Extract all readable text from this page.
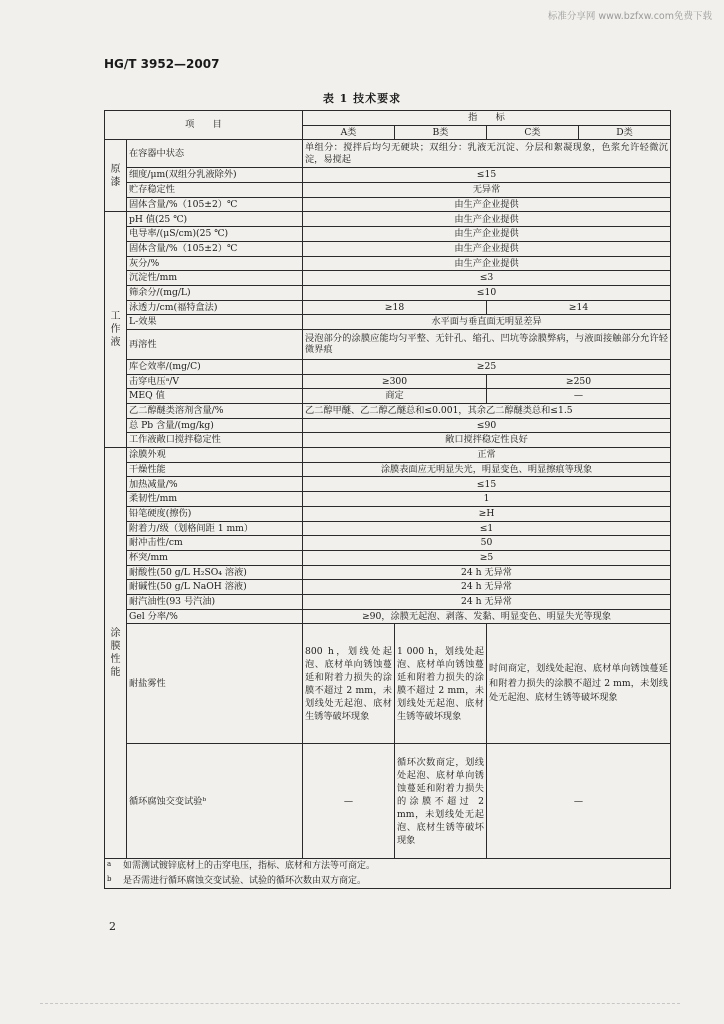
标准分享网 www.bzfxw.com免费下载
HG/T 3952—2007
表 1 技术要求
项　　目		指　　标			
		A类	B类	C类	D类

原
漆	在容器中状态	单组分：搅拌后均匀无硬块；双组分：乳液无沉淀、分层和絮凝现象，色浆允许轻微沉淀，易搅起			
	细度/μm(双组分乳液除外)	≤15			
	贮存稳定性	无异常			
	固体含量/%（105±2）℃	由生产企业提供			

工
作
液	pH 值(25 ℃)	由生产企业提供			
	电导率/(μS/cm)(25 ℃)	由生产企业提供			
	固体含量/%（105±2）℃	由生产企业提供			
	灰分/%	由生产企业提供			
	沉淀性/mm	≤3			
	筛余分/(mg/L)	≤10			
	泳透力/cm(福特盒法)	≥18		≥14	
	L-效果	水平面与垂直面无明显差异			
	再溶性	浸泡部分的涂膜应能均匀平整、无针孔、缩孔、凹坑等涂膜弊病，与液面接触部分允许轻微界痕			
	库仑效率/(mg/C)	≥25			
	击穿电压ᵃ/V	≥300		≥250	
	MEQ 值	商定		—	
	乙二醇醚类溶剂含量/%	乙二醇甲醚、乙二醇乙醚总和≤0.001，其余乙二醇醚类总和≤1.5			
	总 Pb 含量/(mg/kg)	≤90			
	工作液敞口搅拌稳定性	敞口搅拌稳定性良好			

涂
膜
性
能	涂膜外观	正常			
	干燥性能	涂膜表面应无明显失光，明显变色、明显擦痕等现象			
	加热减量/%	≤15			
	柔韧性/mm	1			
	铅笔硬度(擦伤)	≥H			
	附着力/级（划格间距 1 mm）	≤1			
	耐冲击性/cm	50			
	杯突/mm	≥5			
	耐酸性(50 g/L H₂SO₄ 溶液)	24 h 无异常			
	耐碱性(50 g/L NaOH 溶液)	24 h 无异常			
	耐汽油性(93 号汽油)	24 h 无异常			
	Gel 分率/%	≥90，涂膜无起泡、剥落、发黏、明显变色、明显失光等现象			
	耐盐雾性	800 h，划线处起泡、底材单向锈蚀蔓延和附着力损失的涂膜不超过 2 mm，未划线处无起泡、底材生锈等破坏现象	1 000 h，划线处起泡、底材单向锈蚀蔓延和附着力损失的涂膜不超过 2 mm，未划线处无起泡、底材生锈等破坏现象	时间商定，划线处起泡、底材单向锈蚀蔓延和附着力损失的涂膜不超过 2 mm，未划线处无起泡、底材生锈等破坏现象	
	循环腐蚀交变试验ᵇ	—	循环次数商定，划线处起泡、底材单向锈蚀蔓延和附着力损失的涂膜不超过 2 mm，未划线处无起泡、底材生锈等破坏现象	—	

a 如需测试镀锌底材上的击穿电压，指标、底材和方法等可商定。
b 是否需进行循环腐蚀交变试验、试验的循环次数由双方商定。					
2
